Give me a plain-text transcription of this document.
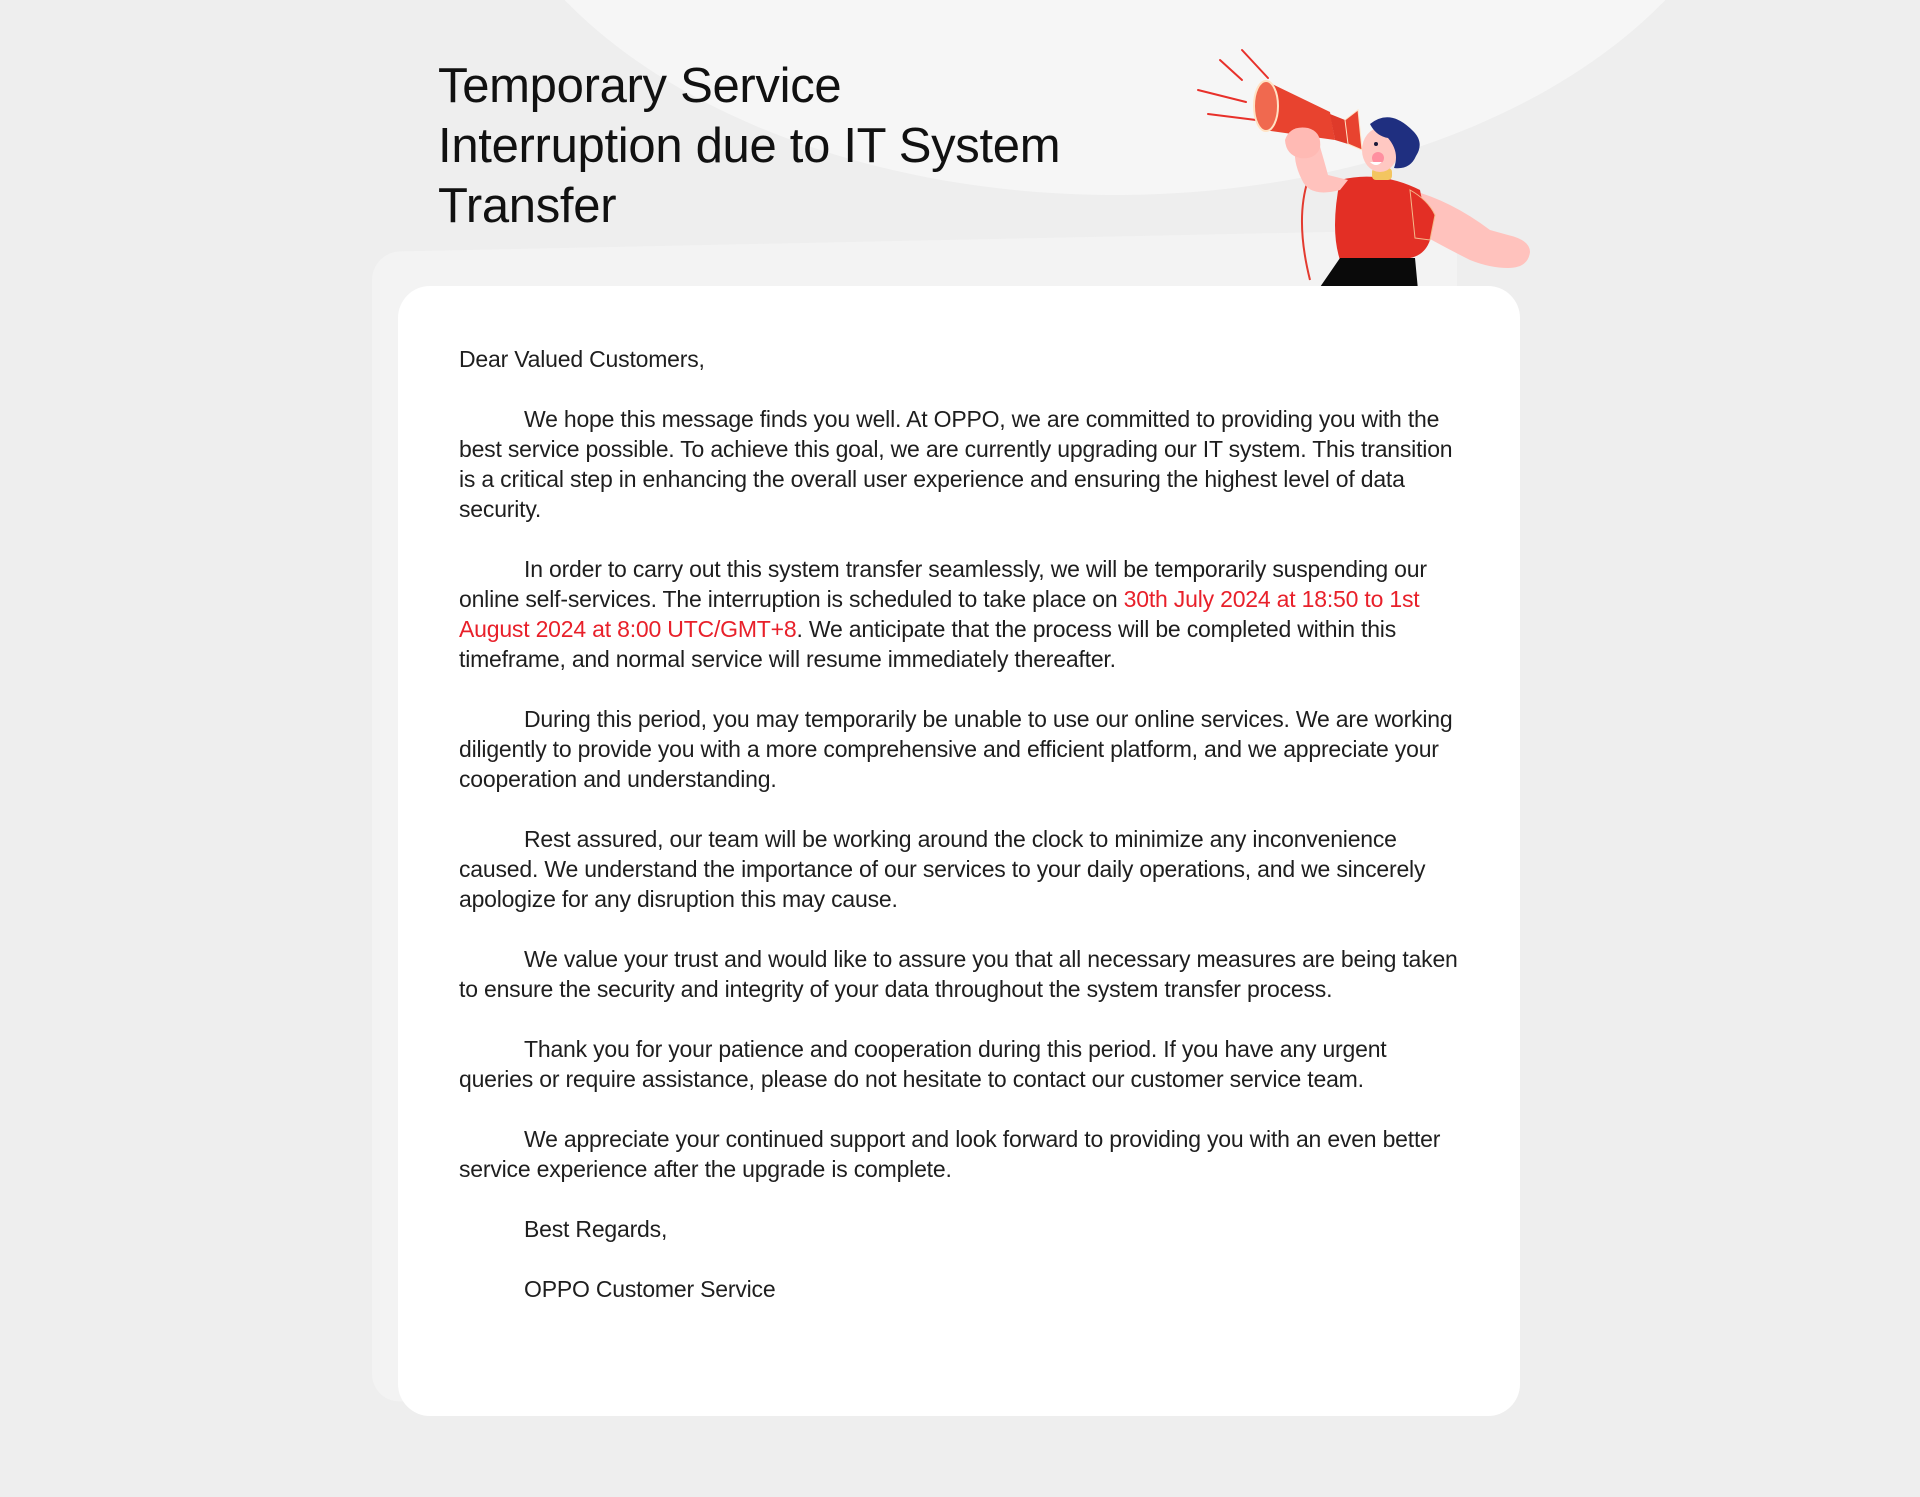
Temporary Service
Interruption due to IT System
Transfer

Dear Valued Customers,

We hope this message finds you well. At OPPO, we are committed to providing you with the best service possible. To achieve this goal, we are currently upgrading our IT system. This transition is a critical step in enhancing the overall user experience and ensuring the highest level of data security.

In order to carry out this system transfer seamlessly, we will be temporarily suspending our online self-services. The interruption is scheduled to take place on 30th July 2024 at 18:50 to 1st August 2024 at 8:00 UTC/GMT+8. We anticipate that the process will be completed within this timeframe, and normal service will resume immediately thereafter.

During this period, you may temporarily be unable to use our online services. We are working diligently to provide you with a more comprehensive and efficient platform, and we appreciate your cooperation and understanding.

Rest assured, our team will be working around the clock to minimize any inconvenience caused. We understand the importance of our services to your daily operations, and we sincerely apologize for any disruption this may cause.

We value your trust and would like to assure you that all necessary measures are being taken to ensure the security and integrity of your data throughout the system transfer process.

Thank you for your patience and cooperation during this period. If you have any urgent queries or require assistance, please do not hesitate to contact our customer service team.

We appreciate your continued support and look forward to providing you with an even better service experience after the upgrade is complete.

Best Regards,

OPPO Customer Service
